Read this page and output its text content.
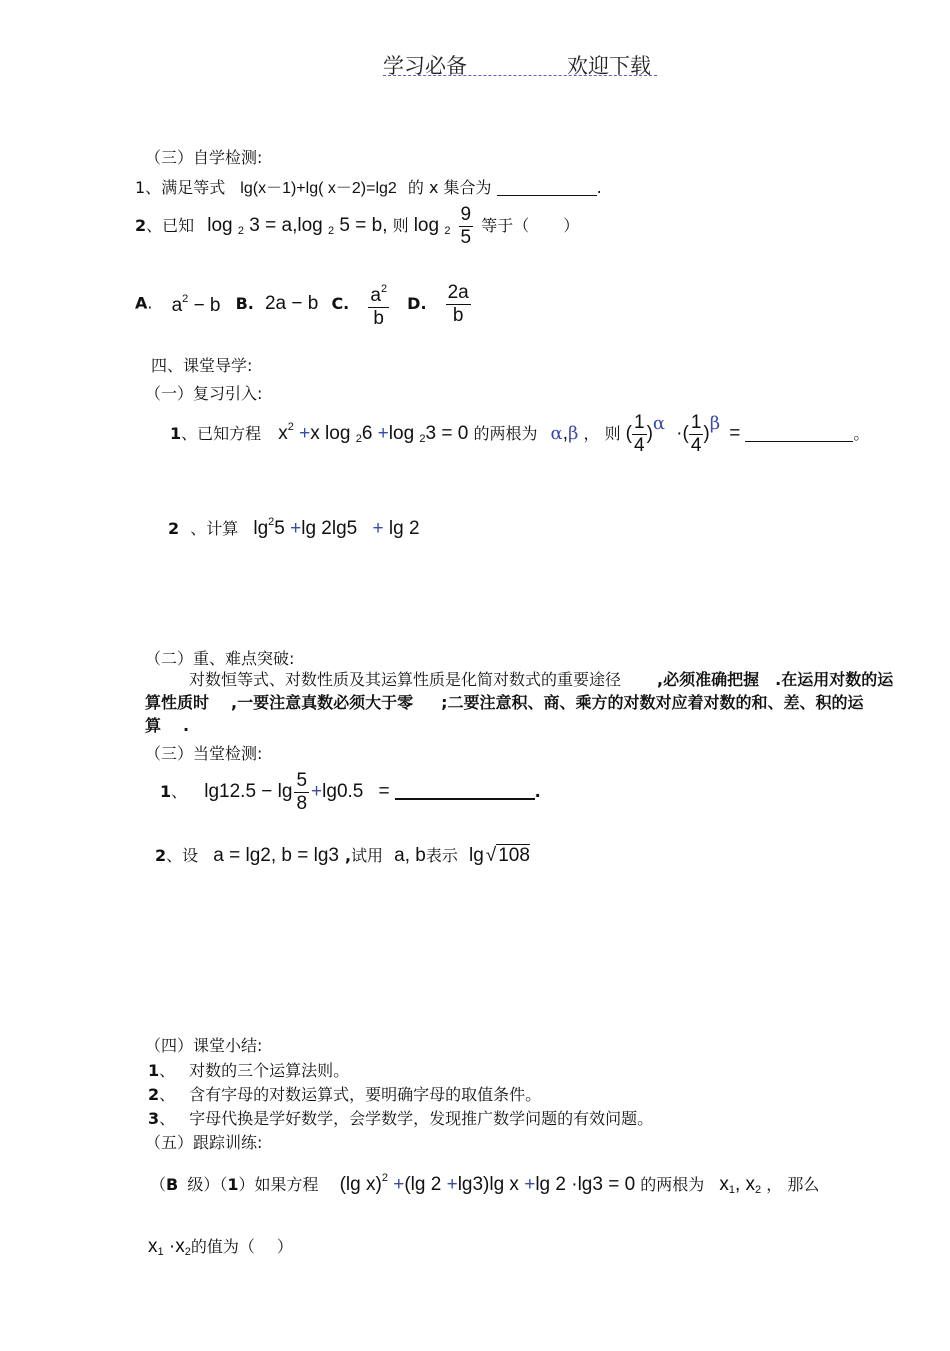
学习必备	欢迎下载
（三）自学检测:
1、满足等式 lg(x－1)+lg( x－2)=lg2 的 x 集合为	.
2、已知 log $_2$ 3 = a,log $_2$ 5 = b, 则 $\log _2 \frac{9}{5}$ 等于（ ）
A. $a^2 - b$ B. 2a − b C. $\frac{a^2}{b} D$. $\frac{2a}{b}$
四、课堂导学:
（一）复习引入:
1、已知方程 $x^2 +x$ log $_2$6 +log $_2$3 = 0 的两根为 α,β ， 则 ( $\frac{1}{4} )^\alpha$ ·( $\frac{1}{4} )^\beta$ =	。
2 、计算 $\lg^25 +\lg$ 2lg5 + lg 2
（二）重、难点突破:

对数恒等式、对数性质及其运算性质是化简对数式的重要途径 ,必须准确把握 .在运用对数的运算性质时 ,一要注意真数必须大于零 ;二要注意积、商、乘方的对数对应着对数的和、差、积的运算 .

（三）当堂检测:
1、 $\lg 12.5 - \lg \frac{5}{8} +\lg 0.5$ =	.
2、设 a = lg2, b = lg3 ,试用 a, b表示 lg √ 108
（四）课堂小结:
1、 对数的三个运算法则。
2、 含有字母的对数运算式，要明确字母的取值条件。
3、 字母代换是学好数学，会学数学，发现推广数学问题的有效问题。
（五）跟踪训练:
（B 级）（1）如果方程 (lg x)$^2$ +(lg 2 +lg3)lg x +lg 2 ·lg3 = 0 的两根为 $x_1$, $x_2$ ， 那么
$x_1 \cdot x_2$的值为（ ）
